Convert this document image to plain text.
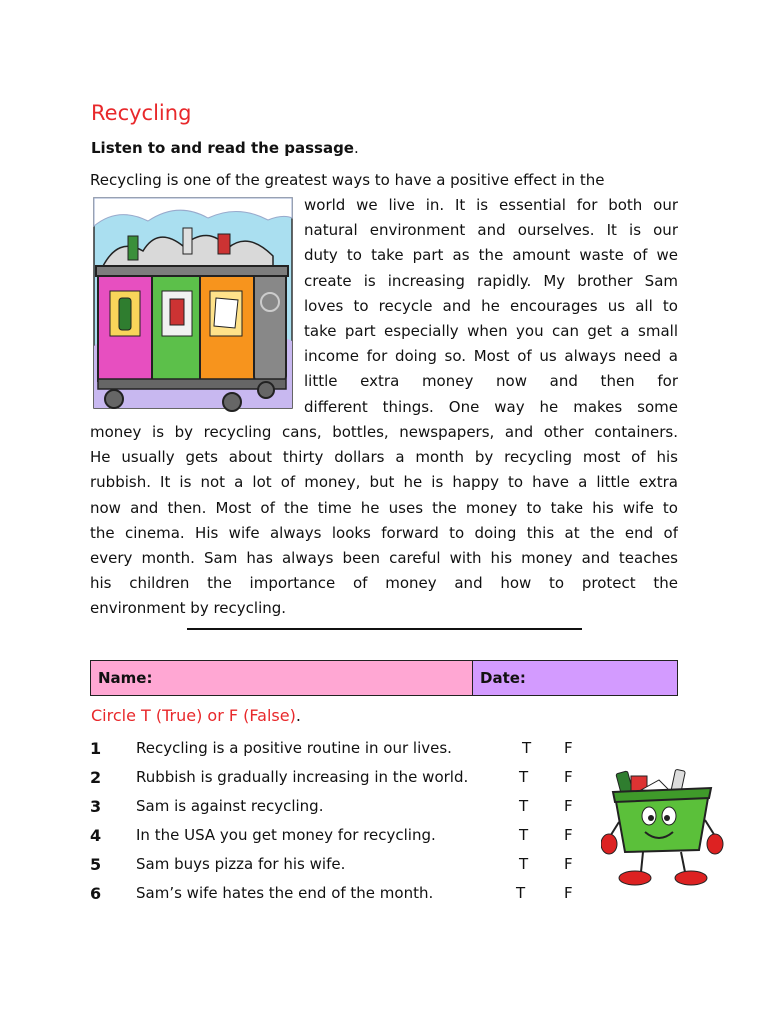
Recycling
Listen to and read the passage.
Recycling is one of the greatest ways to have a positive effect in the
world we live in. It is essential for both our
natural environment and ourselves. It is our
duty to take part as the amount waste of we
create is increasing rapidly. My brother Sam
loves to recycle and he encourages us all to
take part especially when you can get a small
income for doing so. Most of us always need a
little extra money now and then for
different things. One way he makes some
money is by recycling cans, bottles, newspapers, and other containers.
He usually gets about thirty dollars a month by recycling most of his
rubbish. It is not a lot of money, but he is happy to have a little extra
now and then. Most of the time he uses the money to take his wife to
the cinema. His wife always looks forward to doing this at the end of
every month. Sam has always been careful with his money and teaches
his children the importance of money and how to protect the
environment by recycling.
Name:	Date:
Circle T (True) or F (False).
1 Recycling is a positive routine in our lives.	T F
2 Rubbish is gradually increasing in the world.	T F
3 Sam is against recycling.	T F
4 In the USA you get money for recycling.	T F
5 Sam buys pizza for his wife.	T F
6 Sam’s wife hates the end of the month.	T	F
